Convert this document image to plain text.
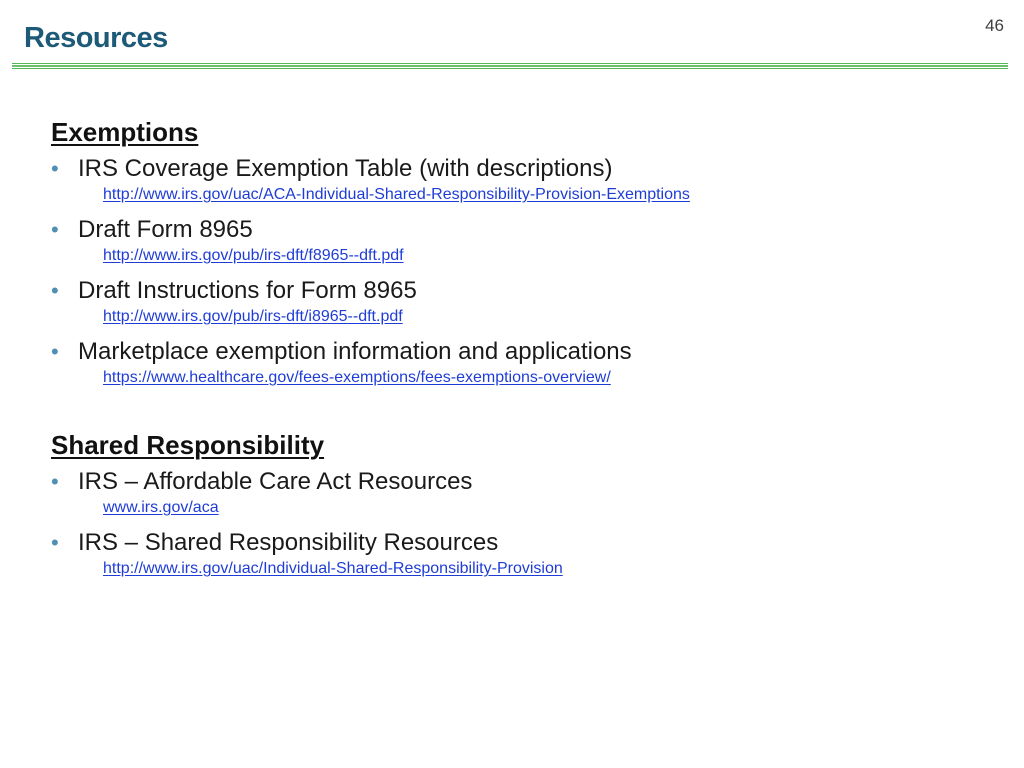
46
Resources
Exemptions
• IRS Coverage Exemption Table (with descriptions)
http://www.irs.gov/uac/ACA-Individual-Shared-Responsibility-Provision-Exemptions
• Draft Form 8965
http://www.irs.gov/pub/irs-dft/f8965--dft.pdf
• Draft Instructions for Form 8965
http://www.irs.gov/pub/irs-dft/i8965--dft.pdf
• Marketplace exemption information and applications
https://www.healthcare.gov/fees-exemptions/fees-exemptions-overview/
Shared Responsibility
• IRS – Affordable Care Act Resources
www.irs.gov/aca
• IRS – Shared Responsibility Resources
http://www.irs.gov/uac/Individual-Shared-Responsibility-Provision
